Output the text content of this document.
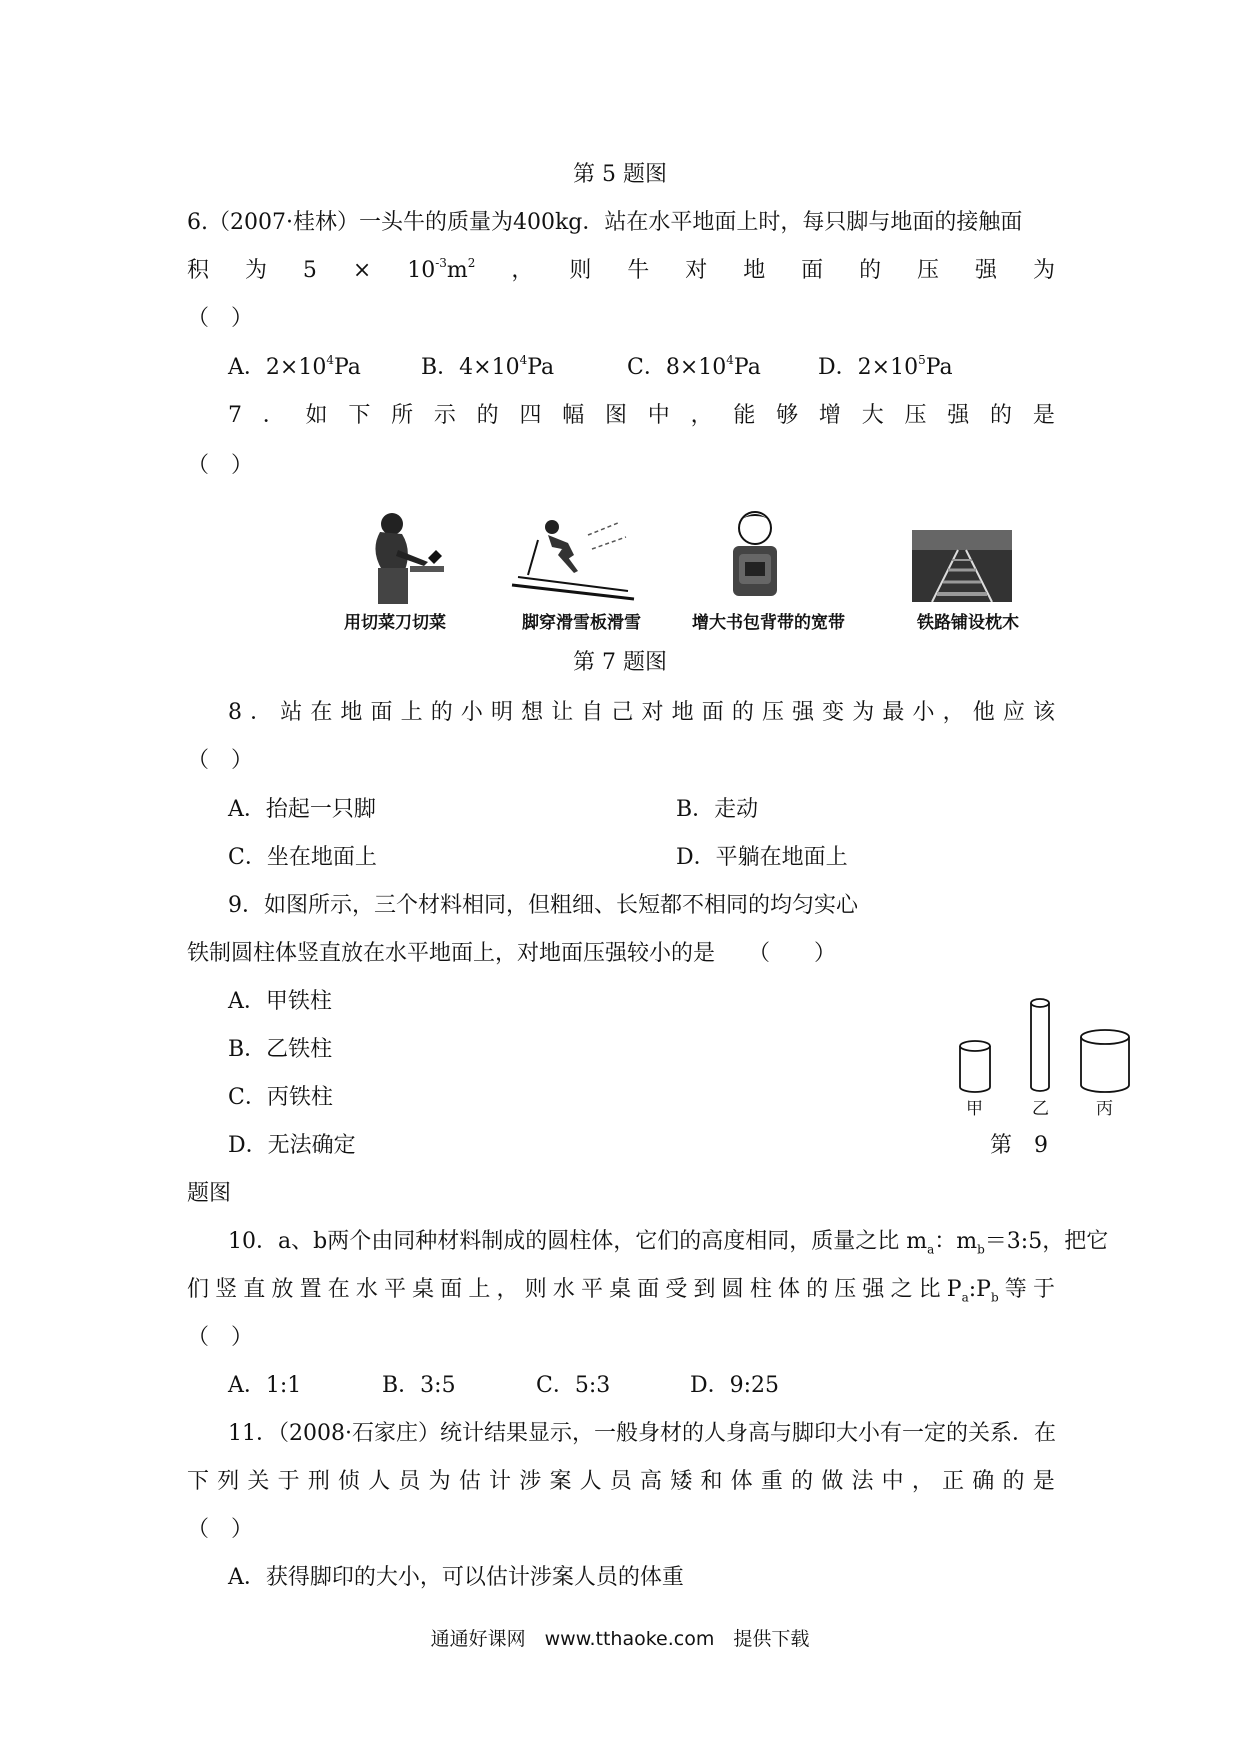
第 5 题图
6.（2007·桂林）一头牛的质量为400kg．站在水平地面上时，每只脚与地面的接触面
积 为 $5 \times 10^{-3}m^2$ ， 则 牛 对 地 面 的 压 强 为
（　）
A．$2\times 10^4Pa$	B．$4\times 10^4Pa$	C．$8\times 10^4Pa$	D．$2\times 10^5Pa$
7 ． 如 下 所 示 的 四 幅 图 中 ， 能 够 增 大 压 强 的 是
（　）
用切菜刀切菜	脚穿滑雪板滑雪	增大书包背带的宽带	铁路铺设枕木
第 7 题图
8 ． 站 在 地 面 上 的 小 明 想 让 自 己 对 地 面 的 压 强 变 为 最 小 ， 他 应 该
（　）
A．抬起一只脚	B．走动
C．坐在地面上	D．平躺在地面上
9．如图所示，三个材料相同，但粗细、长短都不相同的均匀实心
铁制圆柱体竖直放在水平地面上，对地面压强较小的是　　（　　）
A．甲铁柱
B．乙铁柱
C．丙铁柱
D．无法确定
甲	乙	丙
第　9
题图
10．a、b两个由同种材料制成的圆柱体，它们的高度相同，质量之比 $m_a$：$m_b=3:5$，把它
们 竖 直 放 置 在 水 平 桌 面 上 ， 则 水 平 桌 面 受 到 圆 柱 体 的 压 强 之 比 $P_a:P_b$ 等 于
（　）
A．1:1	B．3:5	C．5:3	D．9:25
11．（2008·石家庄）统计结果显示，一般身材的人身高与脚印大小有一定的关系．在
下 列 关 于 刑 侦 人 员 为 估 计 涉 案 人 员 高 矮 和 体 重 的 做 法 中 ， 正 确 的 是
（　）
A．获得脚印的大小，可以估计涉案人员的体重
通通好课网　www.tthaoke.com　提供下载
